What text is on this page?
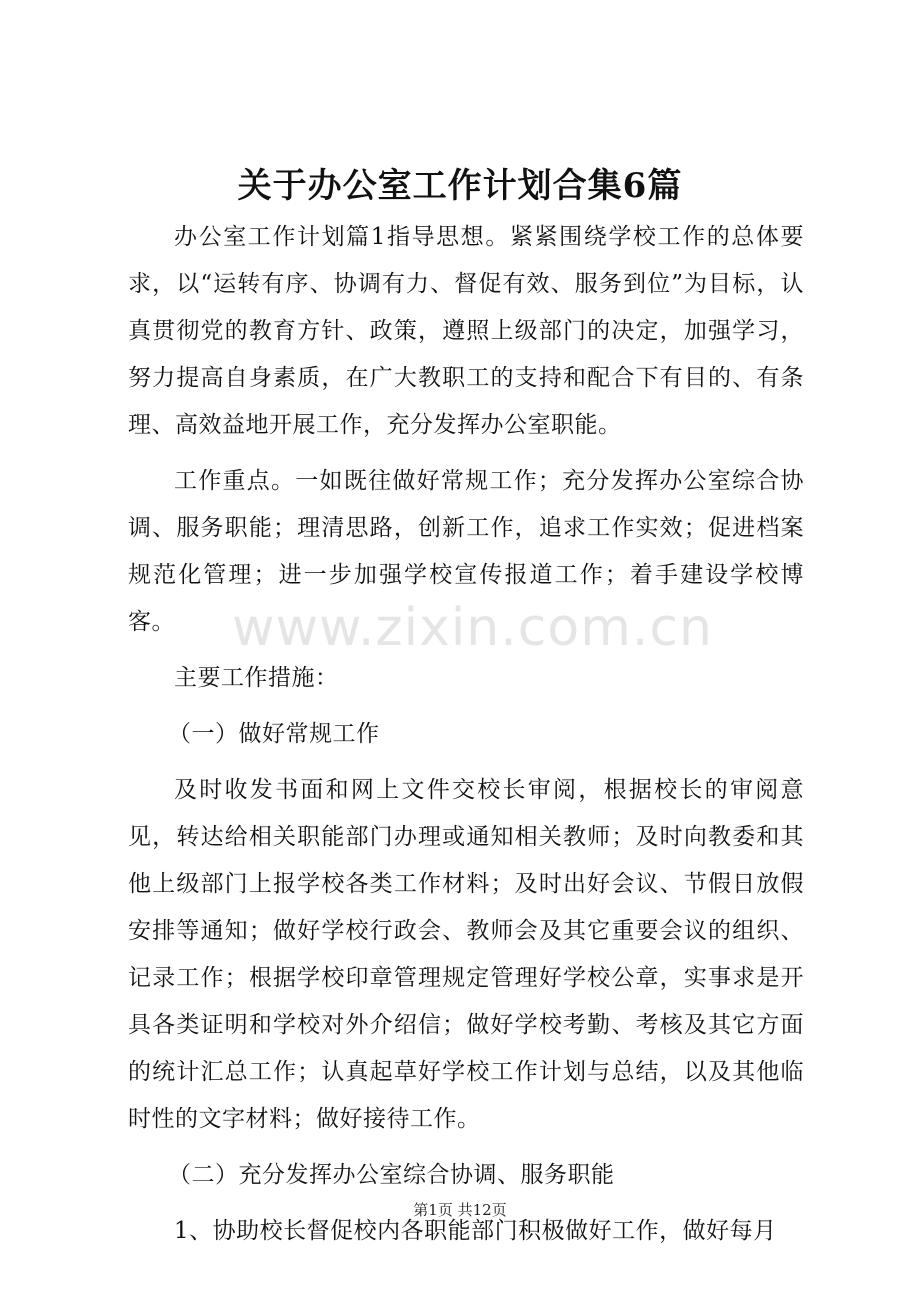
关于办公室工作计划合集6篇

办公室工作计划篇1指导思想。紧紧围绕学校工作的总体要求，以“运转有序、协调有力、督促有效、服务到位”为目标，认真贯彻党的教育方针、政策，遵照上级部门的决定，加强学习，努力提高自身素质，在广大教职工的支持和配合下有目的、有条理、高效益地开展工作，充分发挥办公室职能。

工作重点。一如既往做好常规工作；充分发挥办公室综合协调、服务职能；理清思路，创新工作，追求工作实效；促进档案规范化管理；进一步加强学校宣传报道工作；着手建设学校博客。

主要工作措施：

（一）做好常规工作

及时收发书面和网上文件交校长审阅，根据校长的审阅意见，转达给相关职能部门办理或通知相关教师；及时向教委和其他上级部门上报学校各类工作材料；及时出好会议、节假日放假安排等通知；做好学校行政会、教师会及其它重要会议的组织、记录工作；根据学校印章管理规定管理好学校公章，实事求是开具各类证明和学校对外介绍信；做好学校考勤、考核及其它方面的统计汇总工作；认真起草好学校工作计划与总结，以及其他临时性的文字材料；做好接待工作。

（二）充分发挥办公室综合协调、服务职能

1、协助校长督促校内各职能部门积极做好工作，做好每月

www.zixin.com.cn
第1页 共12页
